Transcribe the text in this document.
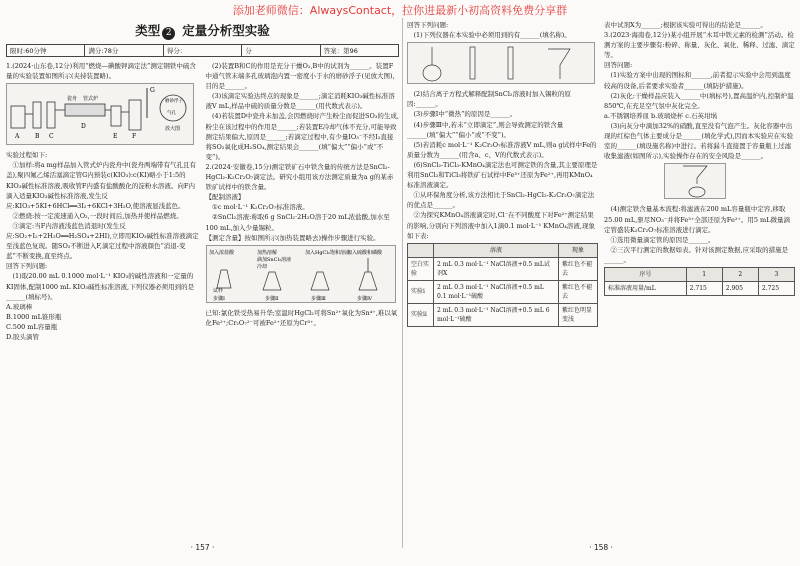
添加老师微信：AlwaysContact，拉你进最新小初高资料免费分享群
类型 2 定量分析型实验
限时:60分钟	满分:78分	得分：	分	答案：第96

1.(2024·山东卷,12分)利用“燃烧—碘酸钾滴定法”测定钢铁中硫含量的实验装置如图所示(夹持装置略)。

A	B C
D
E F
G
瓷舟 管式炉	磨砂浮子
气孔
放大图

实验过程如下:

①加样:将a mg样品加入管式炉内瓷舟中(瓷舟两端带有气孔且有盖),聚四氟乙烯活塞滴定管G内预装c(KIO₃):c(KI)略小于1:5的KIO₃碱性标准溶液,吸收管F内盛有盐酸酸化的淀粉水溶液。向F内滴入适量KIO₃碱性标准溶液,发生反应:KIO₃+5KI+6HCl══3I₂+6KCl+3H₂O,使溶液显浅蓝色。

②燃烧:按一定流速通入O₂,一段时间后,加热并使样品燃烧。

③滴定:当F内溶液浅蓝色消退时(发生反应:SO₂+I₂+2H₂O══H₂SO₄+2HI),立即用KIO₃碱性标准溶液滴定至浅蓝色复现。随SO₂不断进入F,滴定过程中溶液颜色“消退-变蓝”不断变换,直至终点。

回答下列问题:

(1)取20.00 mL 0.1000 mol·L⁻¹ KIO₃的碱性溶液和一定量的KI固体,配制1000 mL KIO₃碱性标准溶液,下列仪器必须用到的是______(填标号)。

A.玻璃棒

B.1000 mL锥形瓶

C.500 mL容量瓶

D.胶头滴管

(2)装置B和C的作用是充分干燥O₂,B中的试剂为______。装置F中通气管末端多孔玻璃泡内置一密度小于水的磨砂浮子(见放大图),目的是______。

(3)该滴定实验达终点的现象是______;滴定消耗KIO₃碱性标准溶液V mL,样品中硫的质量分数是______(用代数式表示)。

(4)若装置D中瓷舟未加盖,会因燃烧时产生粉尘而促进SO₃的生成,粉尘在该过程中的作用是______;若装置E冷却气体不充分,可能导致测定结果偏大,原因是______;若滴定过程中,有少量IO₃⁻不经I₂直接将SO₂氧化成H₂SO₄,测定结果会______(填“偏大”“偏小”或“不变”)。

2.(2024·安徽卷,15分)测定铁矿石中铁含量的传统方法是SnCl₂-HgCl₂-K₂Cr₂O₇滴定法。研究小组用该方法测定质量为a g的某赤铁矿试样中的铁含量。

【配制溶液】

①c mol·L⁻¹ K₂Cr₂O₇标准溶液。

②SnCl₂溶液:称取6 g SnCl₂·2H₂O溶于20 mL浓盐酸,加水至100 mL,加入少量锡粒。

【测定含量】按如图所示(加热装置略去)操作步骤进行实验。

加入浓盐酸
试样
步骤Ⅰ
加热溶解
滴加SnCl₂溶液
冷却
步骤Ⅱ
加入HgCl₂饱和溶液
步骤Ⅲ
加入硫酸和磷酸
步骤Ⅳ

已知:氯化铁受热易升华;室温时HgCl₂可将Sn²⁺氧化为Sn⁴⁺,难以氧化Fe²⁺;Cr₂O₇²⁻可被Fe²⁺还原为Cr³⁺。

· 157 ·

回答下列问题:

(1)下列仪器在本实验中必须用到的有______(填名称)。

(2)结合离子方程式解释配制SnCl₂溶液时加入锡粒的原因:______。

(3)步骤Ⅰ中“微热”的原因是______。

(4)步骤Ⅲ中,若未“立即滴定”,则会导致测定的铁含量______(填“偏大”“偏小”或“不变”)。

(5)若消耗c mol·L⁻¹ K₂Cr₂O₇标准溶液V mL,则a g试样中Fe的质量分数为______(用含a、c、V的代数式表示)。

(6)SnCl₂-TiCl₃-KMnO₄滴定法也可测定铁的含量,其主要原理是利用SnCl₂和TiCl₃将铁矿石试样中Fe³⁺还原为Fe²⁺,再用KMnO₄标准溶液滴定。

①从环保角度分析,该方法相比于SnCl₂-HgCl₂-K₂Cr₂O₇滴定法的优点是______。

②为探究KMnO₄溶液滴定时,Cl⁻在不同酸度下对Fe²⁺测定结果的影响,分别向下列溶液中加入1滴0.1 mol·L⁻¹ KMnO₄溶液,现象如下表:

	溶液	现象
空白实验	2 mL 0.3 mol·L⁻¹ NaCl溶液+0.5 mL试剂X	紫红色不褪去
实验ⅰ	2 mL 0.3 mol·L⁻¹ NaCl溶液+0.5 mL 0.1 mol·L⁻¹硫酸	紫红色不褪去
实验ⅱ	2 mL 0.3 mol·L⁻¹ NaCl溶液+0.5 mL 6 mol·L⁻¹硫酸	紫红色明显变浅

表中试剂X为______;根据该实验可得出的结论是______。

3.(2023·海南卷,12分)某小组开展“木耳中铁元素的检测”活动。检测方案的主要步骤有:粉碎、称量、灰化、氧化、稀释、过滤、滴定等。

回答问题:

(1)实验方案中出现的图标和______,前者提示实验中会用到温度较高的设备,后者要求实验者______(填防护措施)。

(2)灰化:干燥样品应装入______中(填标号),置高温炉内,控制炉温850℃,在充足空气氛中灰化完全。

a.不锈钢培养皿 b.玻璃烧杯 c.石英坩埚

(3)向灰分中滴加32%的硝酸,直至没有气泡产生。灰化容器中出现的红棕色气体主要成分是______(填化学式),因而本实验应在实验室的______(填设施名称)中进行。若将漏斗直接置于容量瓶上过滤收集滤液(如图所示),实验操作存在的安全风险是______。

(4)测定铁含量基本流程:将滤液在200 mL容量瓶中定容,移取25.00 mL,驱尽NO₃⁻并将Fe³⁺全部还原为Fe²⁺。用5 mL微量滴定管盛装K₂Cr₂O₇标准溶液进行滴定。

①选用微量滴定管的原因是______。

②三次平行测定的数据如表。针对该测定数据,应采取的措施是______。

序号	1	2	3
标准溶液用量/mL	2.715	2.905	2.725
· 158 ·
